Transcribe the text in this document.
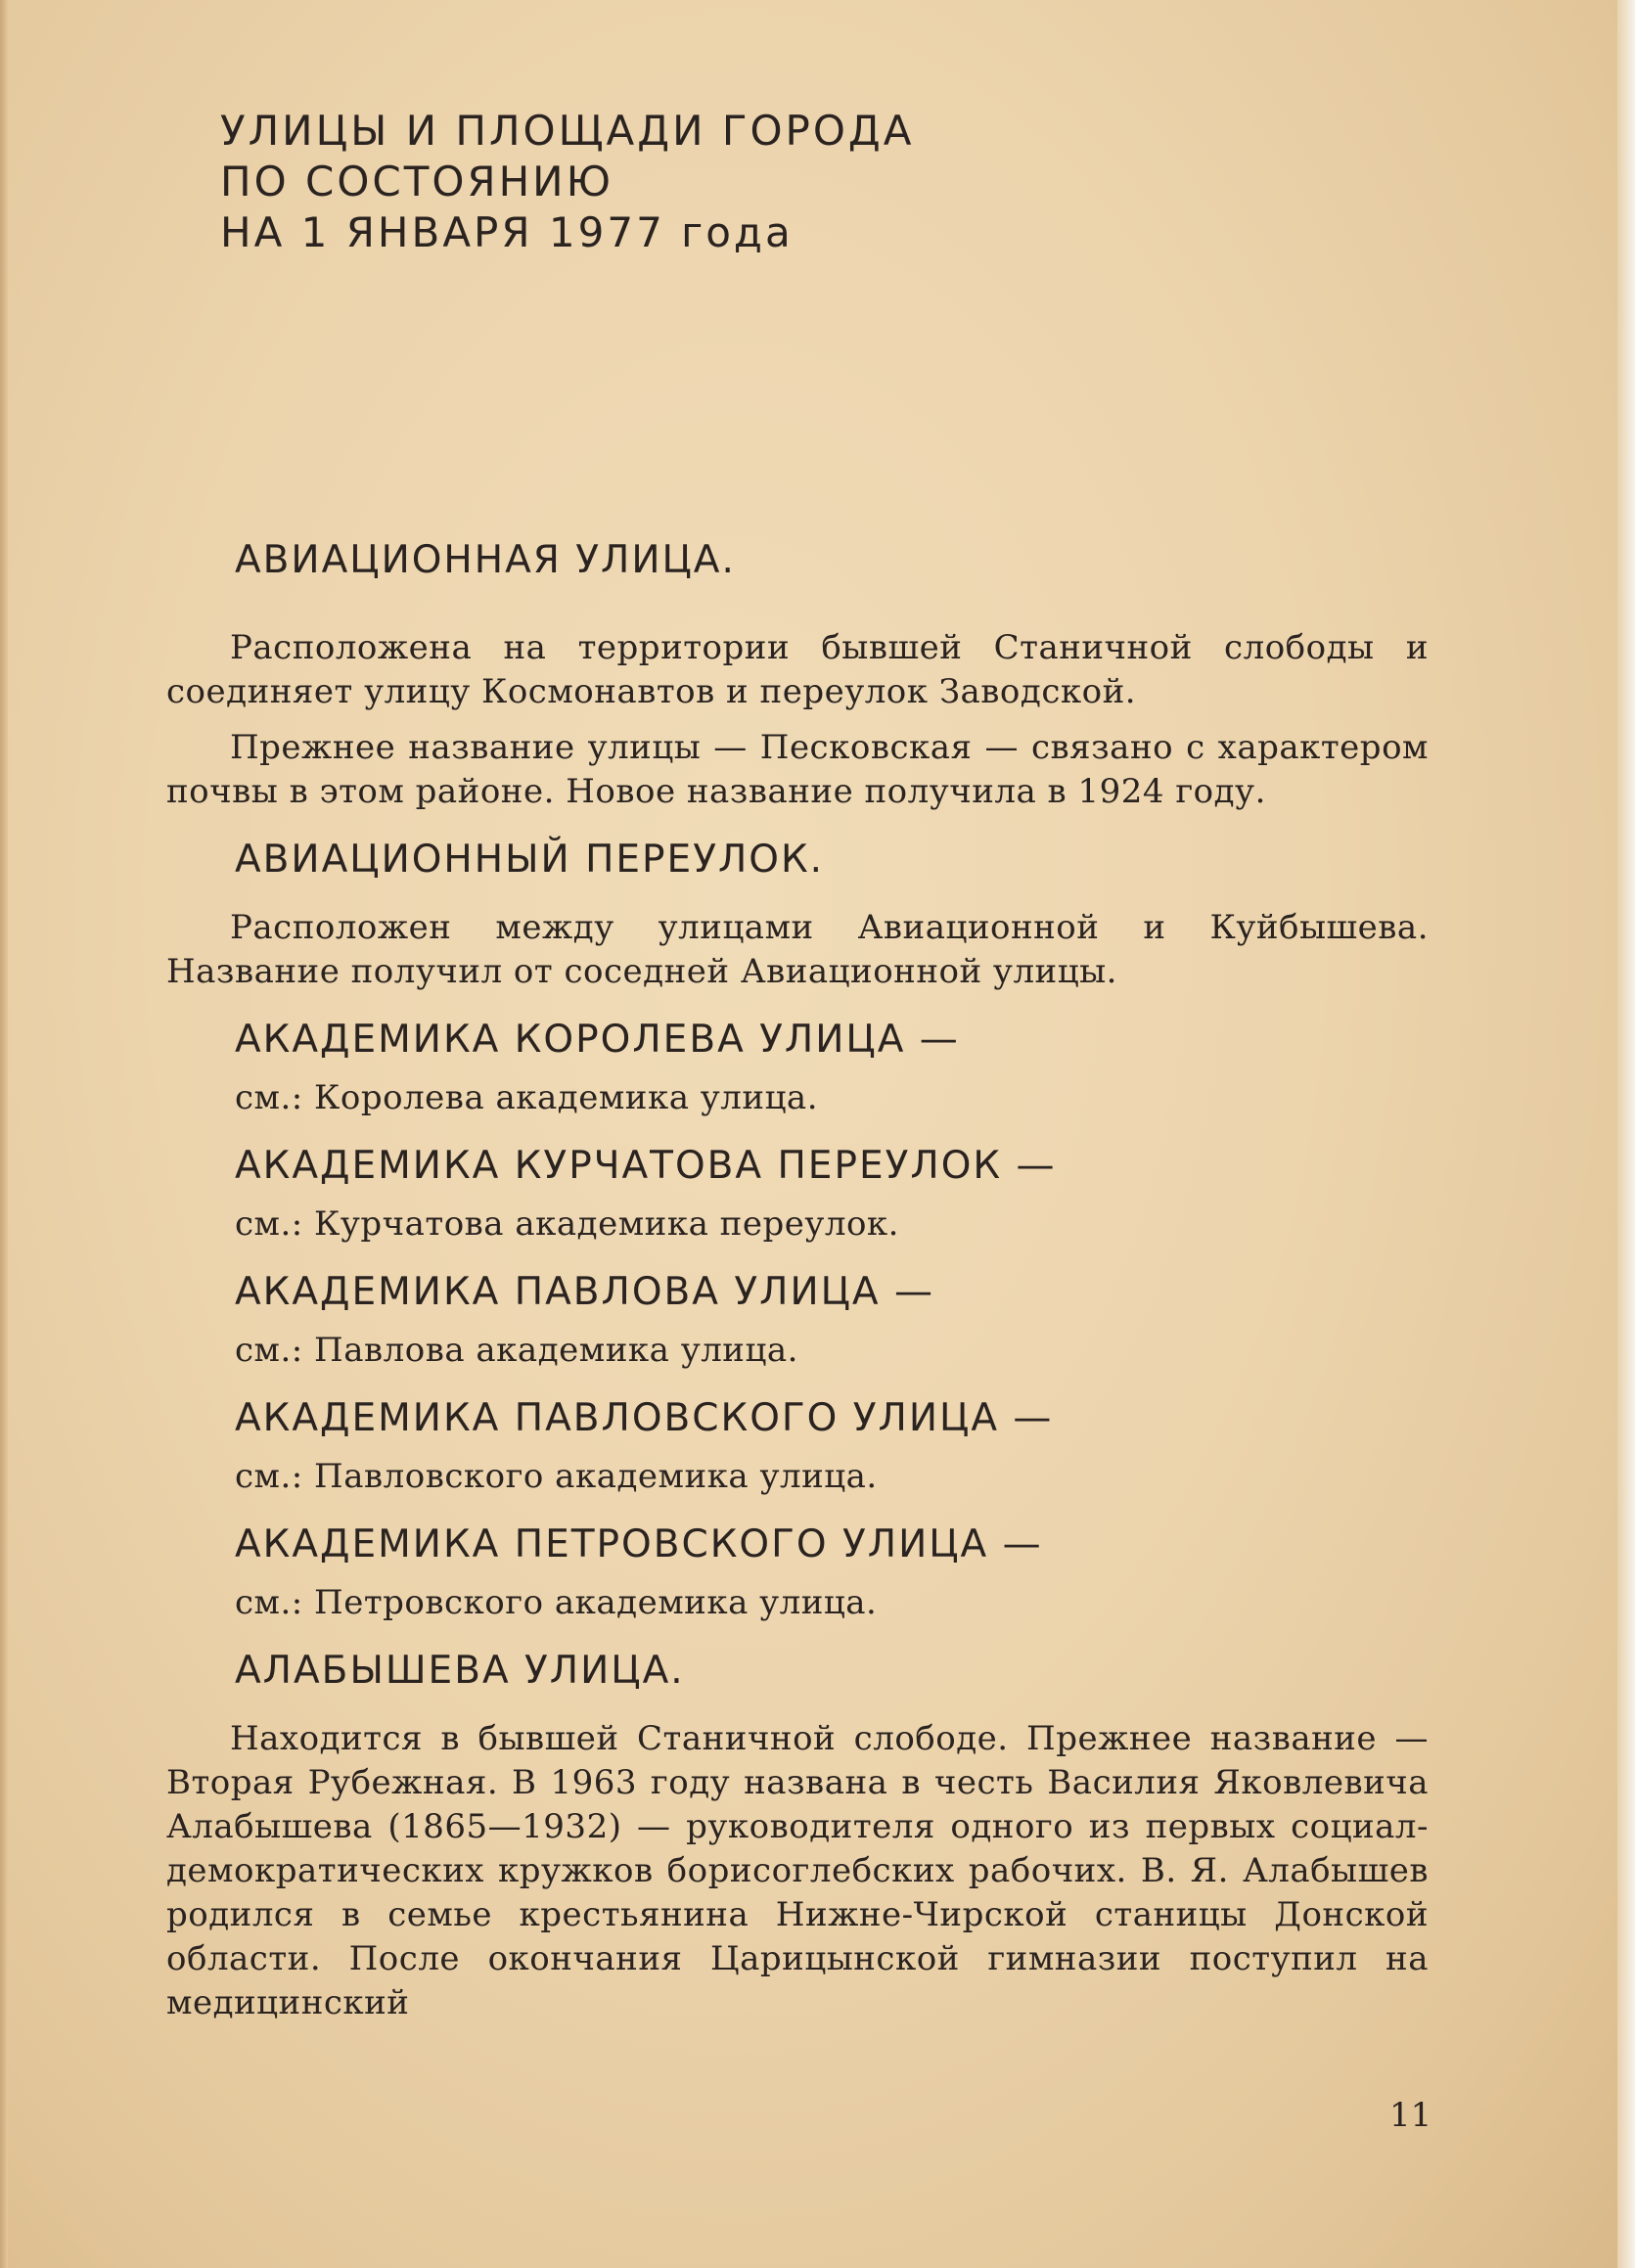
УЛИЦЫ И ПЛОЩАДИ ГОРОДА
ПО СОСТОЯНИЮ
НА 1 ЯНВАРЯ 1977 года
АВИАЦИОННАЯ УЛИЦА.

Расположена на территории бывшей Станичной слободы и соединяет улицу Космонавтов и переулок Заводской.

Прежнее название улицы — Песковская — связано с характером почвы в этом районе. Новое название получила в 1924 году.

АВИАЦИОННЫЙ ПЕРЕУЛОК.

Расположен между улицами Авиационной и Куйбышева. Название получил от соседней Авиационной улицы.

АКАДЕМИКА КОРОЛЕВА УЛИЦА —

см.: Королева академика улица.

АКАДЕМИКА КУРЧАТОВА ПЕРЕУЛОК —

см.: Курчатова академика переулок.

АКАДЕМИКА ПАВЛОВА УЛИЦА —

см.: Павлова академика улица.

АКАДЕМИКА ПАВЛОВСКОГО УЛИЦА —

см.: Павловского академика улица.

АКАДЕМИКА ПЕТРОВСКОГО УЛИЦА —

см.: Петровского академика улица.

АЛАБЫШЕВА УЛИЦА.

Находится в бывшей Станичной слободе. Прежнее название — Вторая Рубежная. В 1963 году названа в честь Василия Яковлевича Алабышева (1865—1932) — руководителя одного из первых социал-демократических кружков борисоглебских рабочих. В. Я. Алабышев родился в семье крестьянина Нижне-Чирской станицы Донской области. После окончания Царицынской гимназии поступил на медицинский

11
